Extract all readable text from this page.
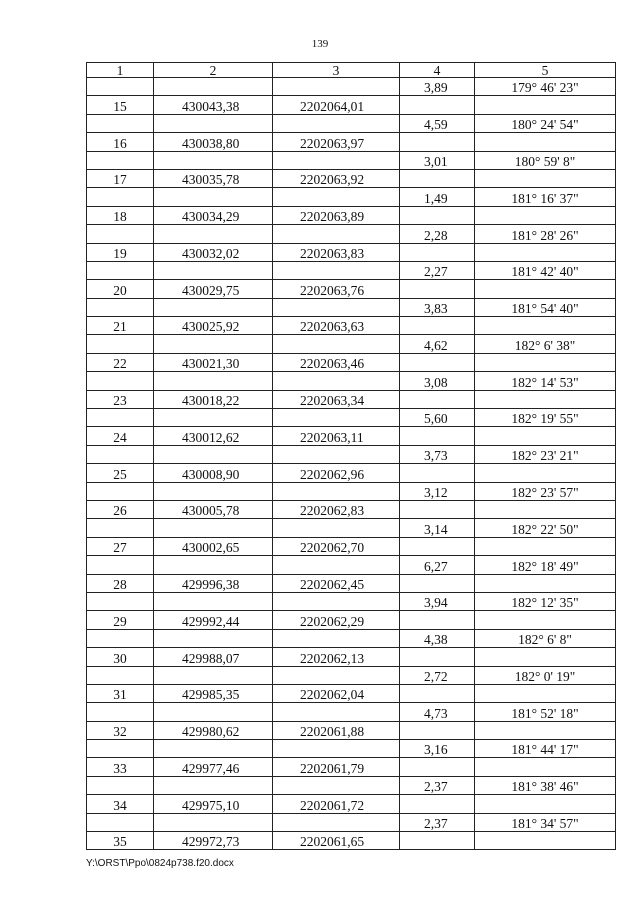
139
1	2	3	4	5
			3,89	179° 46' 23"
15	430043,38	2202064,01		
			4,59	180° 24' 54"
16	430038,80	2202063,97		
			3,01	180° 59' 8"
17	430035,78	2202063,92		
			1,49	181° 16' 37"
18	430034,29	2202063,89		
			2,28	181° 28' 26"
19	430032,02	2202063,83		
			2,27	181° 42' 40"
20	430029,75	2202063,76		
			3,83	181° 54' 40"
21	430025,92	2202063,63		
			4,62	182° 6' 38"
22	430021,30	2202063,46		
			3,08	182° 14' 53"
23	430018,22	2202063,34		
			5,60	182° 19' 55"
24	430012,62	2202063,11		
			3,73	182° 23' 21"
25	430008,90	2202062,96		
			3,12	182° 23' 57"
26	430005,78	2202062,83		
			3,14	182° 22' 50"
27	430002,65	2202062,70		
			6,27	182° 18' 49"
28	429996,38	2202062,45		
			3,94	182° 12' 35"
29	429992,44	2202062,29		
			4,38	182° 6' 8"
30	429988,07	2202062,13		
			2,72	182° 0' 19"
31	429985,35	2202062,04		
			4,73	181° 52' 18"
32	429980,62	2202061,88		
			3,16	181° 44' 17"
33	429977,46	2202061,79		
			2,37	181° 38' 46"
34	429975,10	2202061,72		
			2,37	181° 34' 57"
35	429972,73	2202061,65		
Y:\ORST\Ppo\0824p738.f20.docx
